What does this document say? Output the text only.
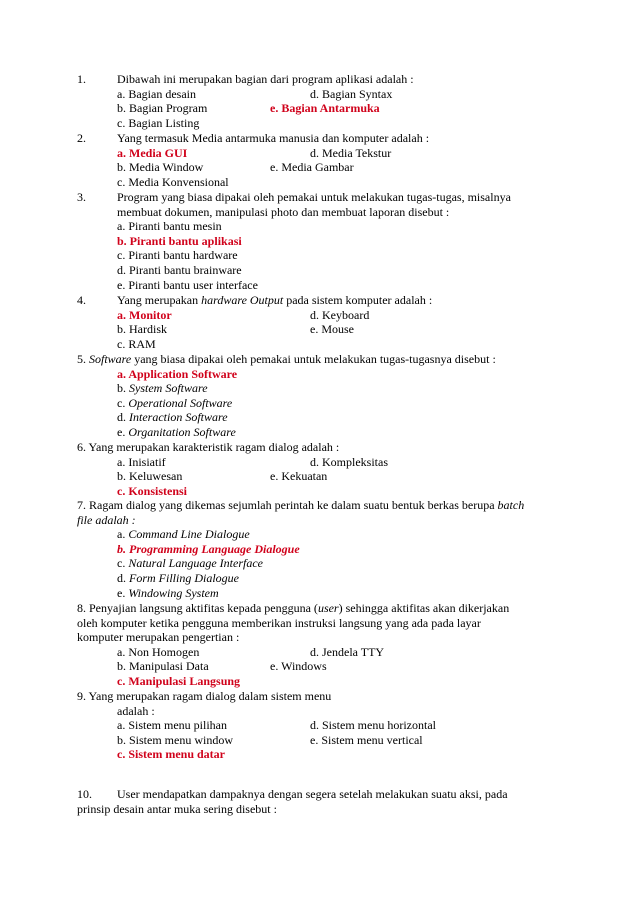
1.	Dibawah ini merupakan bagian dari program aplikasi adalah :
a. Bagian desain	d. Bagian Syntax
b. Bagian Program	e. Bagian Antarmuka
c. Bagian Listing
2.	Yang termasuk Media antarmuka manusia dan komputer adalah :
a. Media GUI	d. Media Tekstur
b. Media Window	e. Media Gambar
c. Media Konvensional
3.	Program yang biasa dipakai oleh pemakai untuk melakukan tugas-tugas, misalnya
membuat dokumen, manipulasi photo dan membuat laporan disebut :
a. Piranti bantu mesin
b. Piranti bantu aplikasi
c. Piranti bantu hardware
d. Piranti bantu brainware
e. Piranti bantu user interface
4.	Yang merupakan hardware Output pada sistem komputer adalah :
a. Monitor	d. Keyboard
b. Hardisk	e. Mouse
c. RAM
5. Software yang biasa dipakai oleh pemakai untuk melakukan tugas-tugasnya disebut :
a. Application Software
b. System Software
c. Operational Software
d. Interaction Software
e. Organitation Software
6. Yang merupakan karakteristik ragam dialog adalah :
a. Inisiatif	d. Kompleksitas
b. Keluwesan	e. Kekuatan
c. Konsistensi
7. Ragam dialog yang dikemas sejumlah perintah ke dalam suatu bentuk berkas berupa batch
file adalah :
a. Command Line Dialogue
b. Programming Language Dialogue
c. Natural Language Interface
d. Form Filling Dialogue
e. Windowing System
8. Penyajian langsung aktifitas kepada pengguna (user) sehingga aktifitas akan dikerjakan
oleh komputer ketika pengguna memberikan instruksi langsung yang ada pada layar
komputer merupakan pengertian :
a. Non Homogen	d. Jendela TTY
b. Manipulasi Data	e. Windows
c. Manipulasi Langsung
9. Yang merupakan ragam dialog dalam sistem menu
adalah :
a. Sistem menu pilihan	d. Sistem menu horizontal
b. Sistem menu window	e. Sistem menu vertical
c. Sistem menu datar
10. User mendapatkan dampaknya dengan segera setelah melakukan suatu aksi, pada
prinsip desain antar muka sering disebut :
